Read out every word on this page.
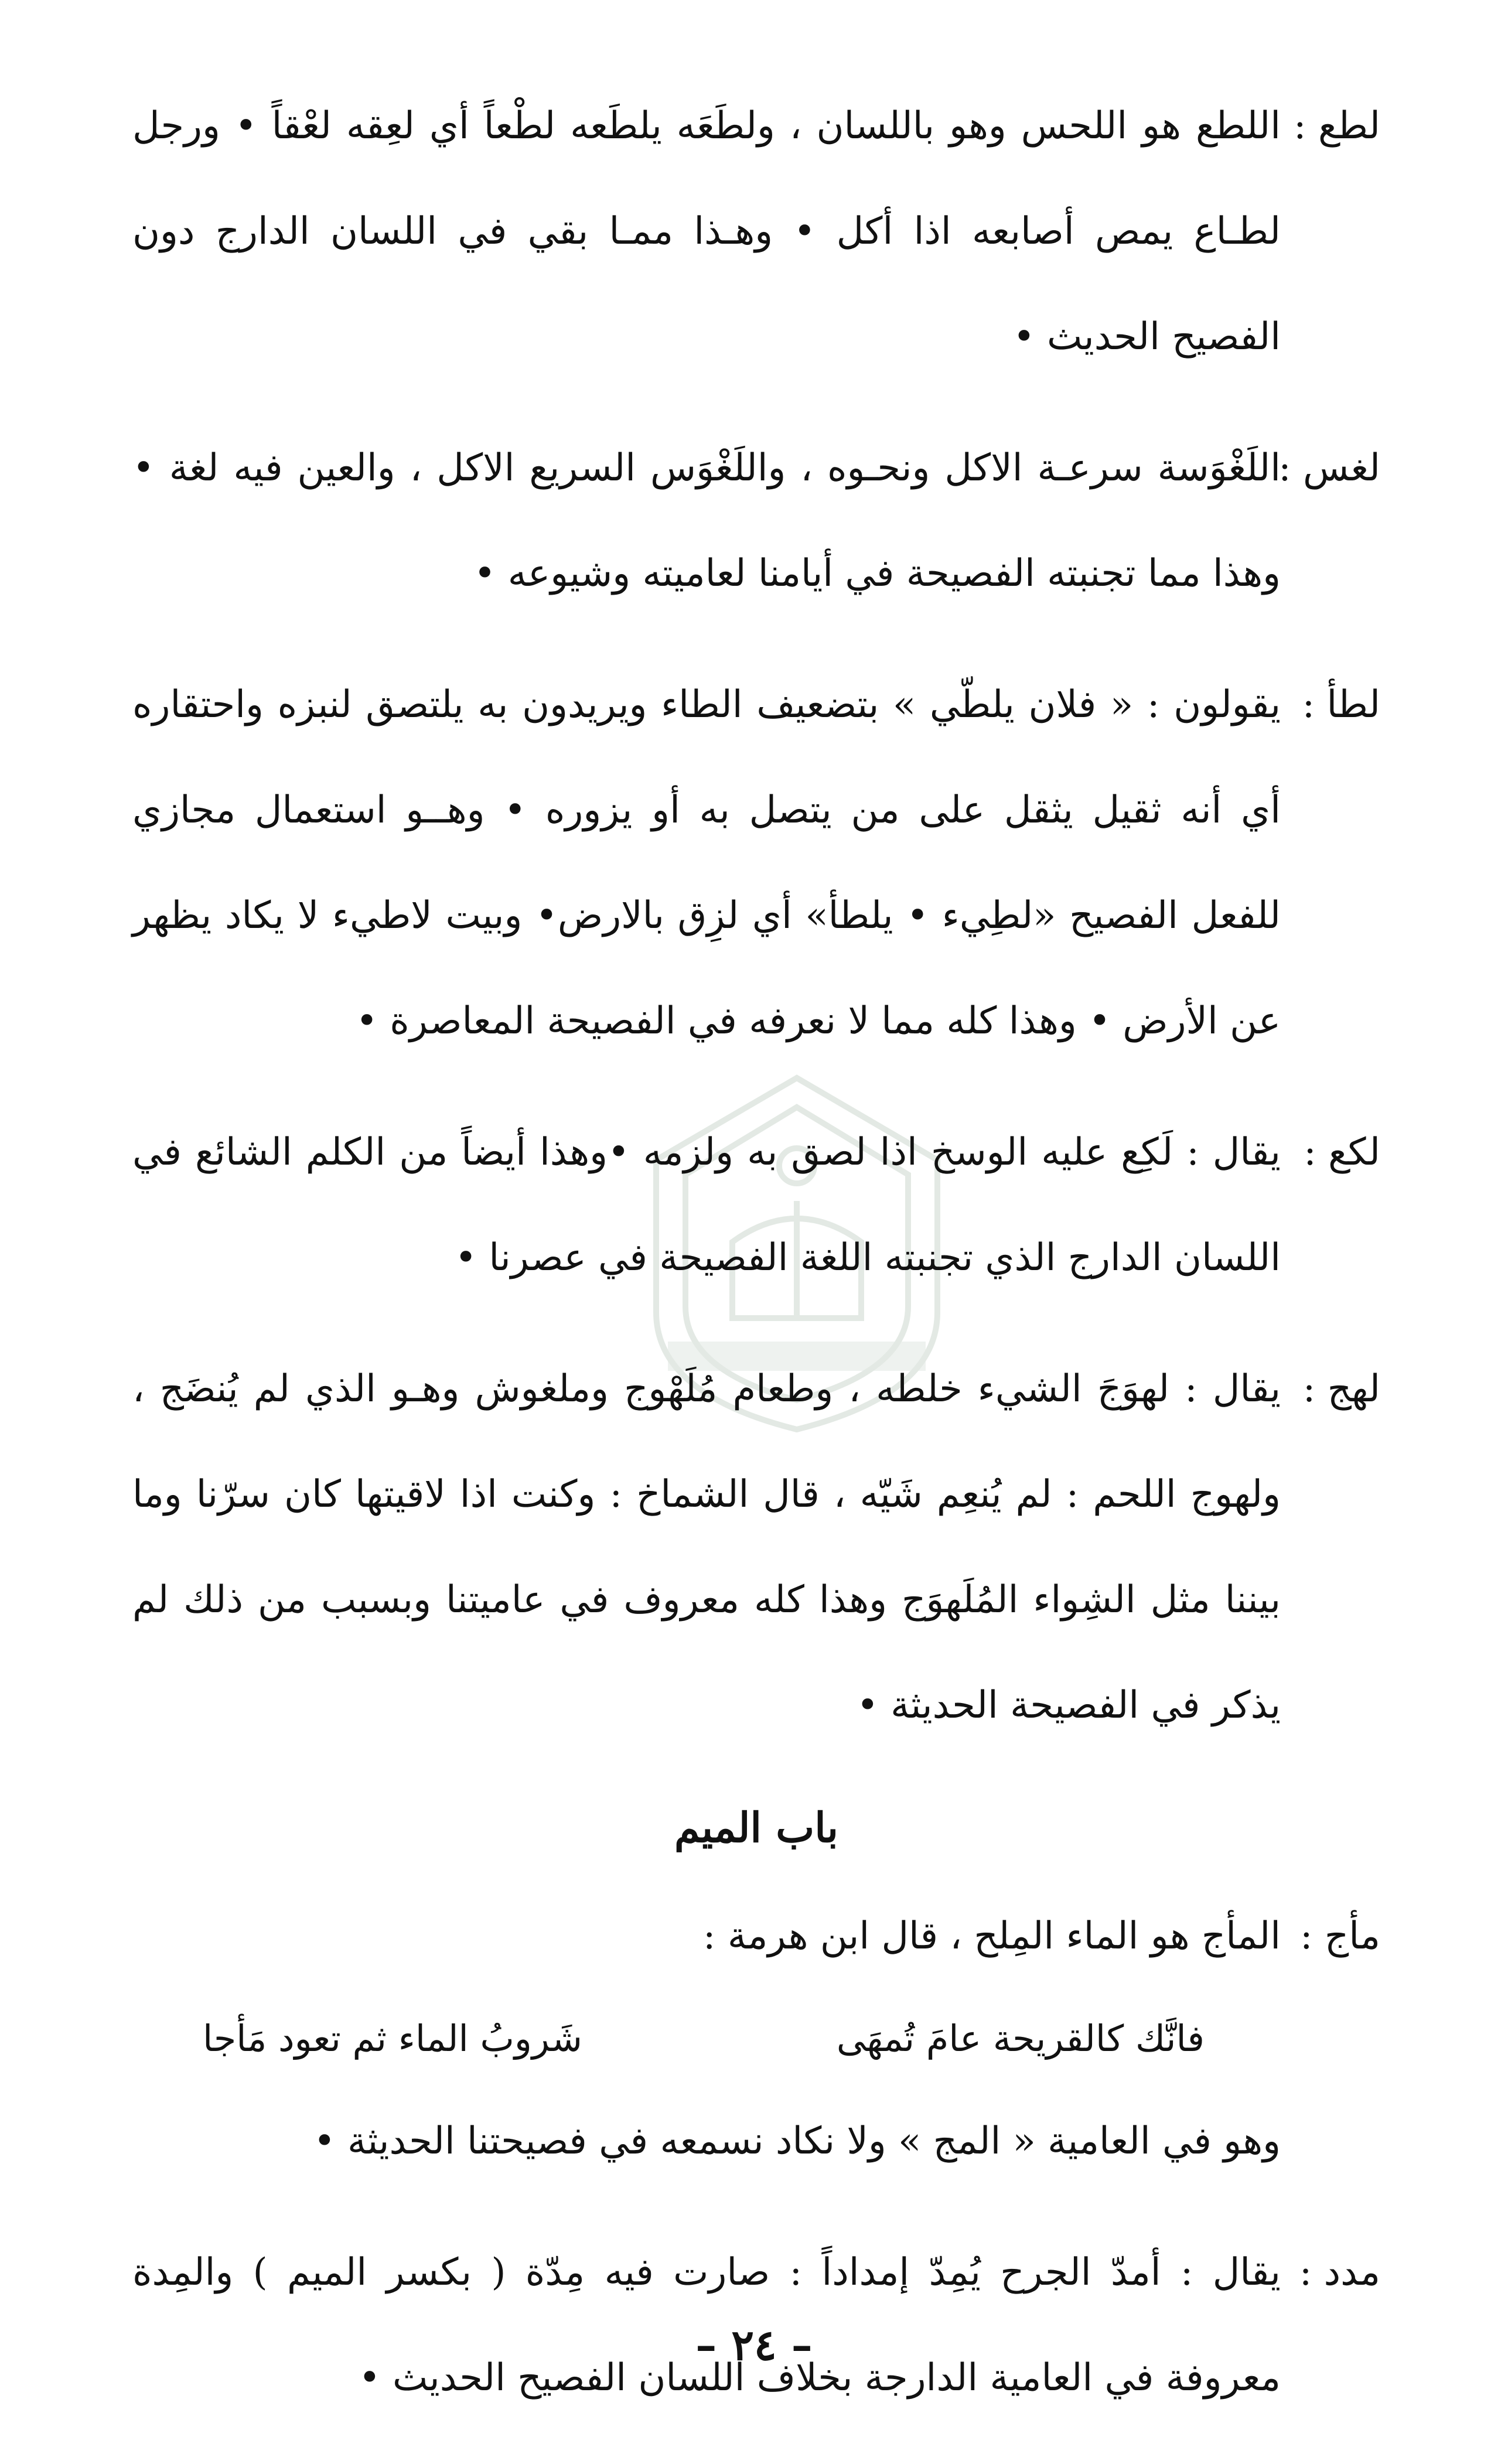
لطع :
اللطع هو اللحس وهو باللسان ، ولطَعَه يلطَعه لطْعاً أي لعِقه لعْقاً • ورجل لطـاع يمص أصابعه اذا أكل • وهـذا ممـا بقي في اللسان الدارج دون الفصيح الحديث •
لغس :
اللَغْوَسة سرعـة الاكل ونحـوه ، واللَغْوَس السريع الاكل ، والعين فيه لغة • وهذا مما تجنبته الفصيحة في أيامنا لعاميته وشيوعه •
لطأ :
يقولون : « فلان يلطّي » بتضعيف الطاء ويريدون به يلتصق لنبزه واحتقاره أي أنه ثقيل يثقل على من يتصل به أو يزوره • وهــو استعمال مجازي للفعل الفصيح «لطِيء • يلطأ» أي لزِق بالارض• وبيت لاطيء لا يكاد يظهر عن الأرض • وهذا كله مما لا نعرفه في الفصيحة المعاصرة •
لكع :
يقال : لَكِع عليه الوسخ اذا لصق به ولزمه •وهذا أيضاً من الكلم الشائع في اللسان الدارج الذي تجنبته اللغة الفصيحة في عصرنا •
لهج :
يقال : لهوَجَ الشيء خلطه ، وطعام مُلَهْوج وملغوش وهـو الذي لم يُنضَج ، ولهوج اللحم : لم يُنعِم شَيّه ، قال الشماخ : وكنت اذا لاقيتها كان سرّنا وما بيننا مثل الشِواء المُلَهوَج وهذا كله معروف في عاميتنا وبسبب من ذلك لم يذكر في الفصيحة الحديثة •
باب الميم
مأج :
المأج هو الماء المِلح ، قال ابن هرمة :
فانَّك كالقريحة عامَ تُمهَى
شَروبُ الماء ثم تعود مَأجا
وهو في العامية « المج » ولا نكاد نسمعه في فصيحتنا الحديثة •
مدد :
يقال : أمدّ الجرح يُمِدّ إمداداً : صارت فيه مِدّة ( بكسر الميم ) والمِدة معروفة في العامية الدارجة بخلاف اللسان الفصيح الحديث •
– ٢٤ –
